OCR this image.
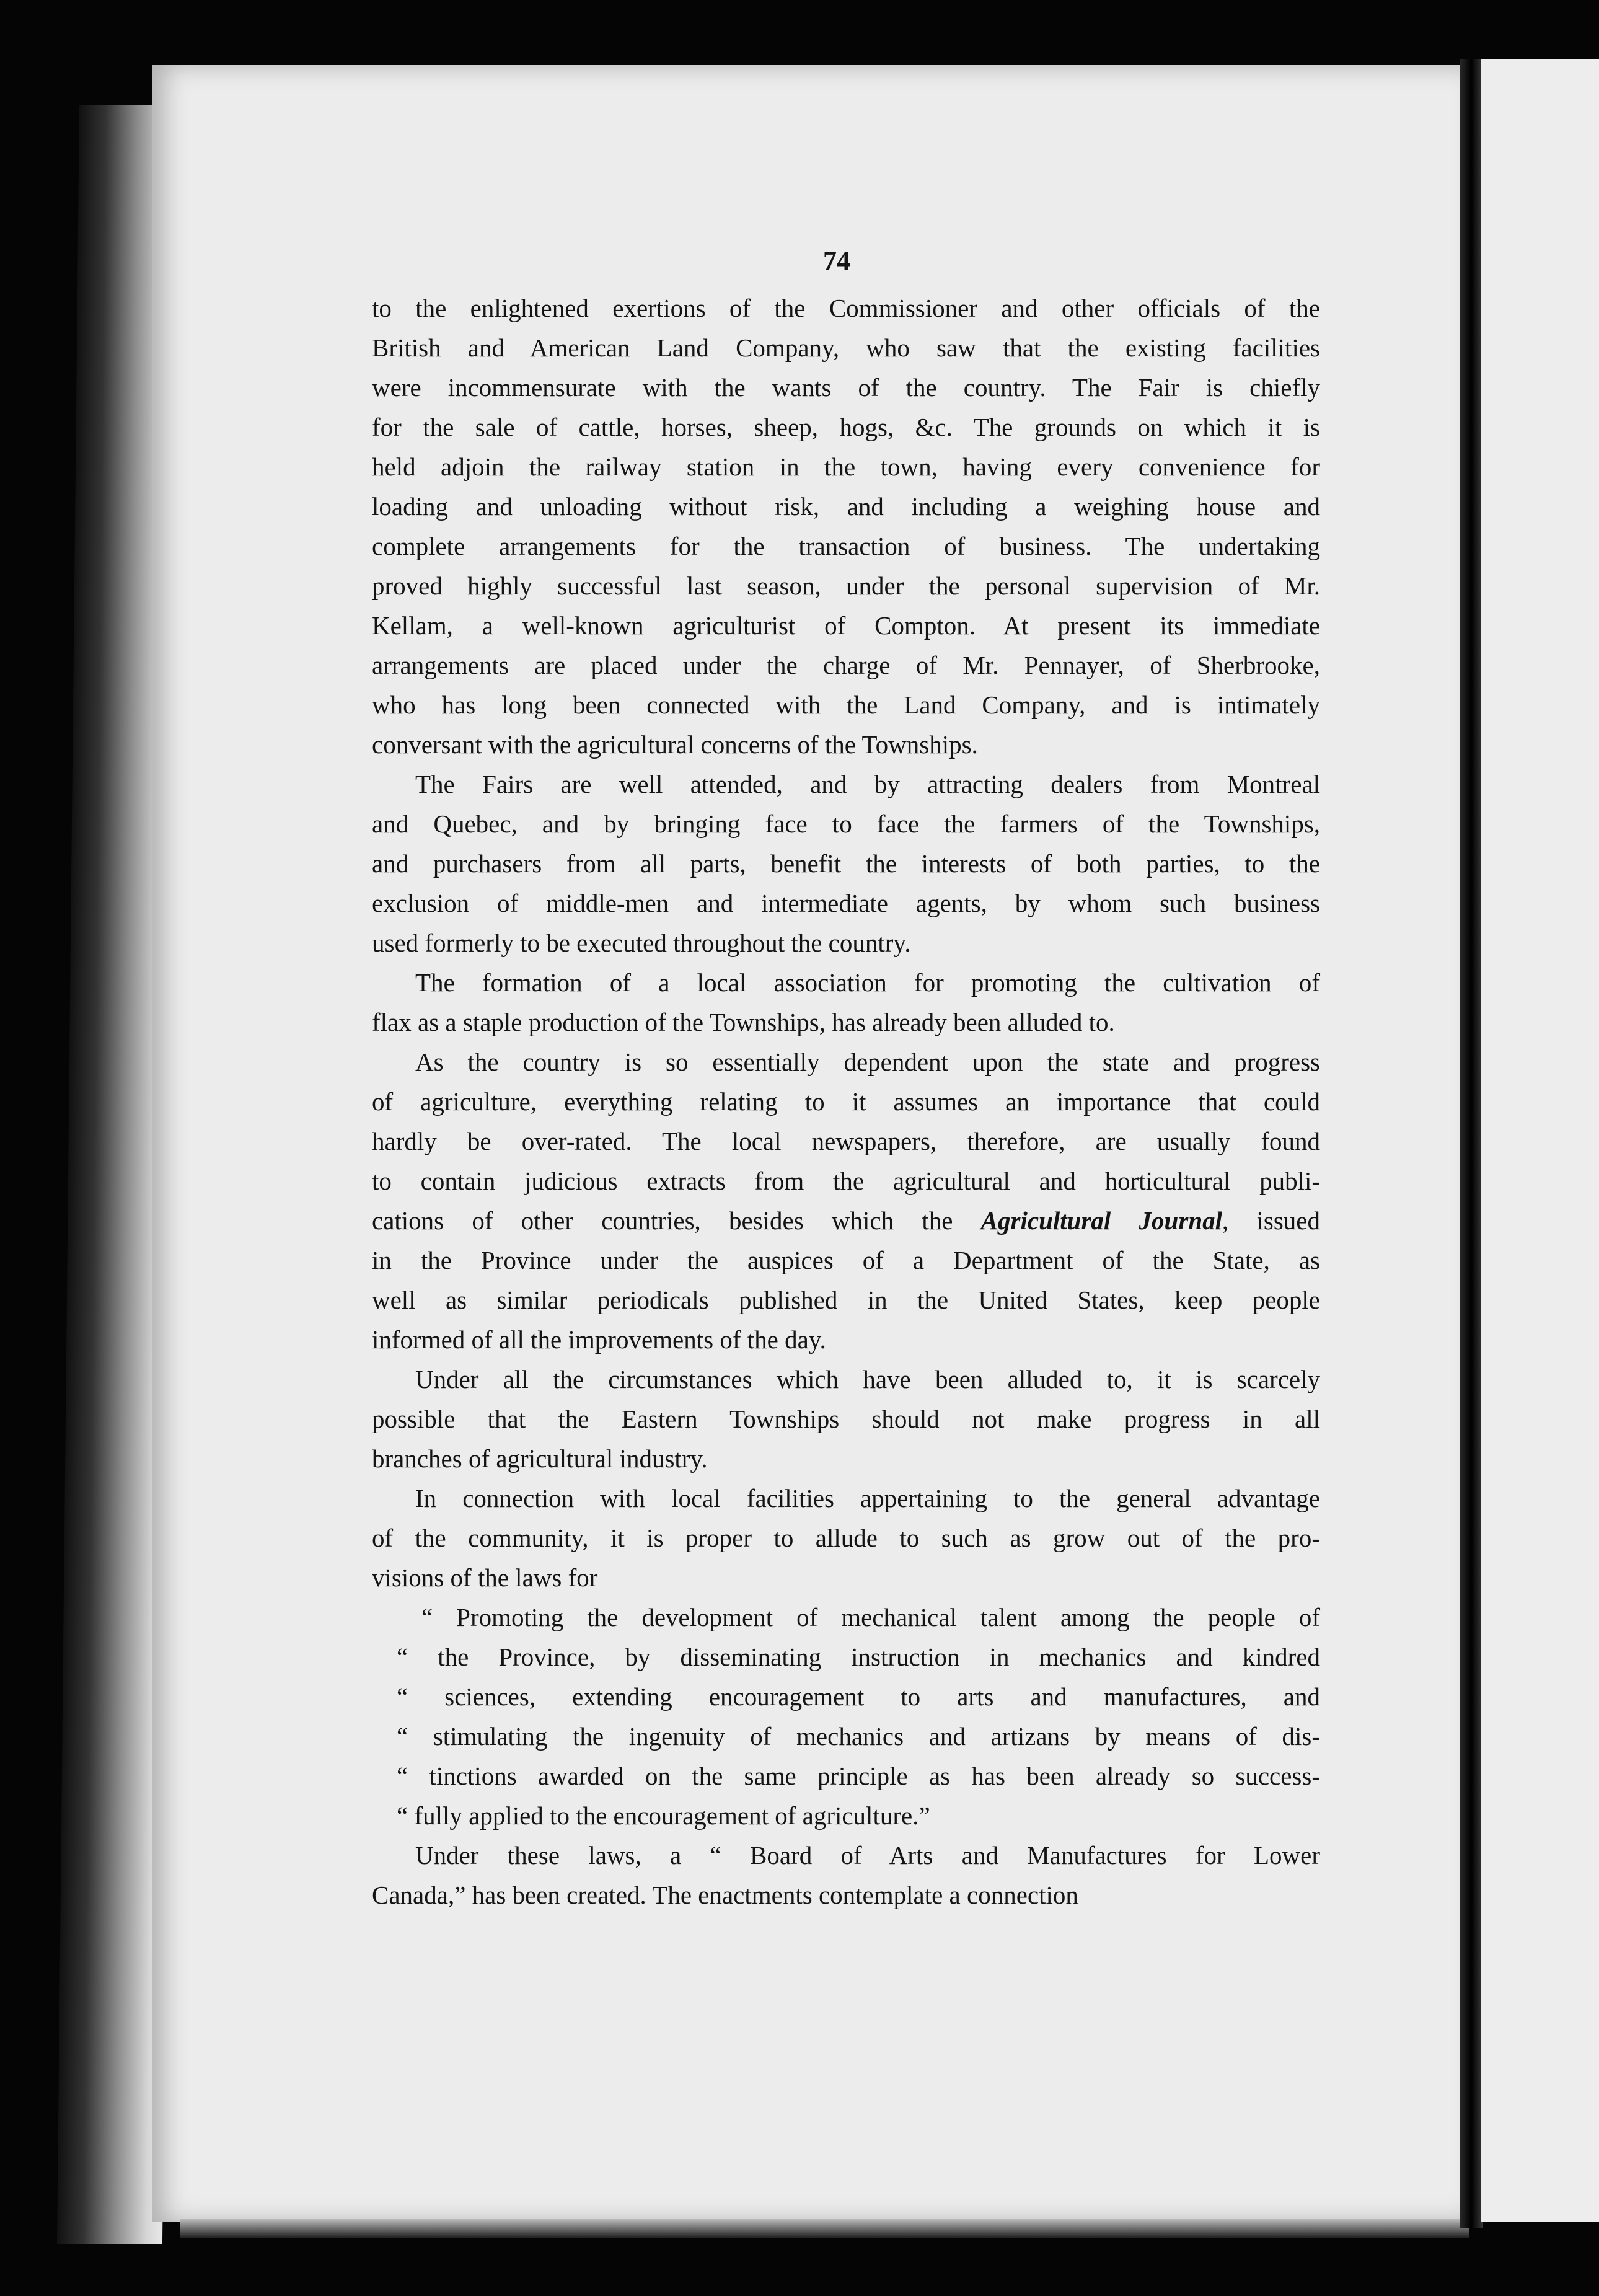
74
to the enlightened exertions of the Commissioner and other officials of the
British and American Land Company, who saw that the existing facilities
were incommensurate with the wants of the country. The Fair is chiefly
for the sale of cattle, horses, sheep, hogs, &c. The grounds on which it is
held adjoin the railway station in the town, having every convenience for
loading and unloading without risk, and including a weighing house and
complete arrangements for the transaction of business. The undertaking
proved highly successful last season, under the personal supervision of Mr.
Kellam, a well-known agriculturist of Compton. At present its immediate
arrangements are placed under the charge of Mr. Pennayer, of Sherbrooke,
who has long been connected with the Land Company, and is intimately
conversant with the agricultural concerns of the Townships.
The Fairs are well attended, and by attracting dealers from Montreal
and Quebec, and by bringing face to face the farmers of the Townships,
and purchasers from all parts, benefit the interests of both parties, to the
exclusion of middle-men and intermediate agents, by whom such business
used formerly to be executed throughout the country.
The formation of a local association for promoting the cultivation of
flax as a staple production of the Townships, has already been alluded to.
As the country is so essentially dependent upon the state and progress
of agriculture, everything relating to it assumes an importance that could
hardly be over-rated. The local newspapers, therefore, are usually found
to contain judicious extracts from the agricultural and horticultural publi-
cations of other countries, besides which the Agricultural Journal, issued
in the Province under the auspices of a Department of the State, as
well as similar periodicals published in the United States, keep people
informed of all the improvements of the day.
Under all the circumstances which have been alluded to, it is scarcely
possible that the Eastern Townships should not make progress in all
branches of agricultural industry.
In connection with local facilities appertaining to the general advantage
of the community, it is proper to allude to such as grow out of the pro-
visions of the laws for
“ Promoting the development of mechanical talent among the people of
“ the Province, by disseminating instruction in mechanics and kindred
“ sciences, extending encouragement to arts and manufactures, and
“ stimulating the ingenuity of mechanics and artizans by means of dis-
“ tinctions awarded on the same principle as has been already so success-
“ fully applied to the encouragement of agriculture.”
Under these laws, a “ Board of Arts and Manufactures for Lower
Canada,” has been created. The enactments contemplate a connection
